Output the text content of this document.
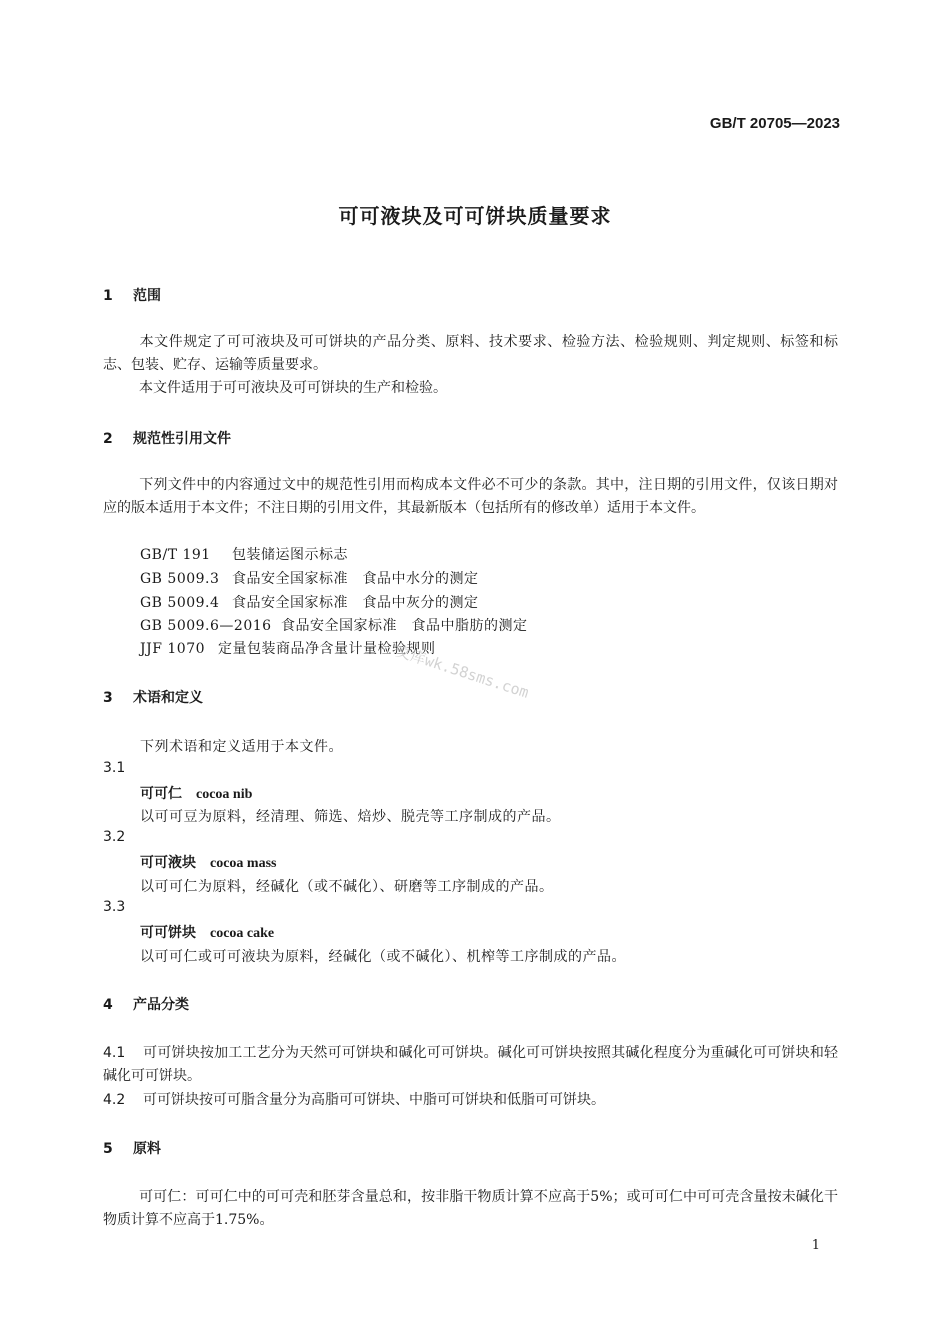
GB/T 20705—2023
可可液块及可可饼块质量要求
1 范围
本文件规定了可可液块及可可饼块的产品分类、原料、技术要求、检验方法、检验规则、判定规则、标签和标志、包装、贮存、运输等质量要求。
本文件适用于可可液块及可可饼块的生产和检验。
2 规范性引用文件
下列文件中的内容通过文中的规范性引用而构成本文件必不可少的条款。其中，注日期的引用文件，仅该日期对应的版本适用于本文件；不注日期的引用文件，其最新版本（包括所有的修改单）适用于本文件。
GB/T 191 包装储运图示标志
GB 5009.3 食品安全国家标准　食品中水分的测定
GB 5009.4 食品安全国家标准　食品中灰分的测定
GB 5009.6—2016 食品安全国家标准　食品中脂肪的测定
JJF 1070 定量包装商品净含量计量检验规则
文库wk.58sms.com
3 术语和定义
下列术语和定义适用于本文件。
3.1
可可仁 cocoa nib
以可可豆为原料，经清理、筛选、焙炒、脱壳等工序制成的产品。
3.2
可可液块 cocoa mass
以可可仁为原料，经碱化（或不碱化）、研磨等工序制成的产品。
3.3
可可饼块 cocoa cake
以可可仁或可可液块为原料，经碱化（或不碱化）、机榨等工序制成的产品。
4 产品分类
4.1 可可饼块按加工工艺分为天然可可饼块和碱化可可饼块。碱化可可饼块按照其碱化程度分为重碱化可可饼块和轻碱化可可饼块。
4.2 可可饼块按可可脂含量分为高脂可可饼块、中脂可可饼块和低脂可可饼块。
5 原料
可可仁：可可仁中的可可壳和胚芽含量总和，按非脂干物质计算不应高于5%；或可可仁中可可壳含量按未碱化干物质计算不应高于1.75%。
1
